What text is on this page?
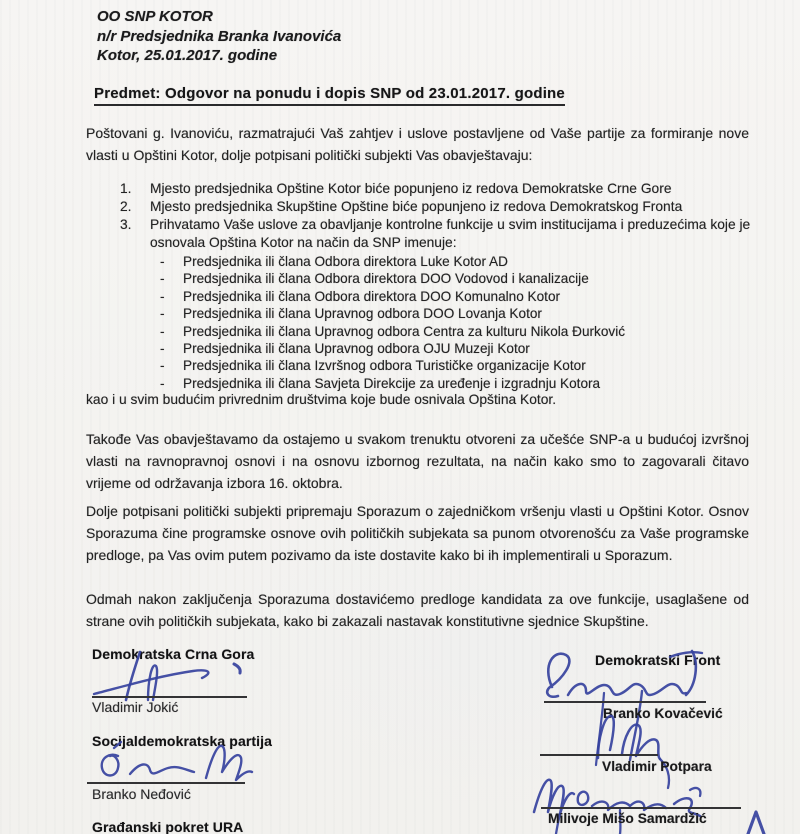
OO SNP KOTOR
n/r Predsjednika Branka Ivanovića
Kotor, 25.01.2017. godine
Predmet: Odgovor na ponudu i dopis SNP od 23.01.2017. godine

Poštovani g. Ivanoviću, razmatrajući Vaš zahtjev i uslove postavljene od Vaše partije za formiranje nove vlasti u Opštini Kotor, dolje potpisani politički subjekti Vas obavještavaju:

1.	Mjesto predsjednika Opštine Kotor biće popunjeno iz redova Demokratske Crne Gore
2.	Mjesto predsjednika Skupštine Opštine biće popunjeno iz redova Demokratskog Fronta
3.	Prihvatamo Vaše uslove za obavljanje kontrolne funkcije u svim institucijama i preduzećima koje je osnovala Opština Kotor na način da SNP imenuje:
-	Predsjednika ili člana Odbora direktora Luke Kotor AD
-	Predsjednika ili člana Odbora direktora DOO Vodovod i kanalizacije
-	Predsjednika ili člana Odbora direktora DOO Komunalno Kotor
-	Predsjednika ili člana Upravnog odbora DOO Lovanja Kotor
-	Predsjednika ili člana Upravnog odbora Centra za kulturu Nikola Đurković
-	Predsjednika ili člana Upravnog odbora OJU Muzeji Kotor
-	Predsjednika ili člana Izvršnog odbora Turističke organizacije Kotor
-	Predsjednika ili člana Savjeta Direkcije za uređenje i izgradnju Kotora
kao i u svim budućim privrednim društvima koje bude osnivala Opština Kotor.

Takođe Vas obavještavamo da ostajemo u svakom trenuktu otvoreni za učešće SNP-a u budućoj izvršnoj vlasti na ravnopravnoj osnovi i na osnovu izbornog rezultata, na način kako smo to zagovarali čitavo vrijeme od održavanja izbora 16. oktobra.

Dolje potpisani politički subjekti pripremaju Sporazum o zajedničkom vršenju vlasti u Opštini Kotor. Osnov Sporazuma čine programske osnove ovih političkih subjekata sa punom otvorenošću za Vaše programske predloge, pa Vas ovim putem pozivamo da iste dostavite kako bi ih implementirali u Sporazum.

Odmah nakon zaključenja Sporazuma dostavićemo predloge kandidata za ove funkcije, usaglašene od strane ovih političkih subjekata, kako bi zakazali nastavak konstitutivne sjednice Skupštine.

Demokratska Crna Gora
Vladimir Jokić
Socijaldemokratska partija
Branko Neđović
Građanski pokret URA
Demokratski Front
Branko Kovačević
Vladimir Potpara
Milivoje Mišo Samardžić
